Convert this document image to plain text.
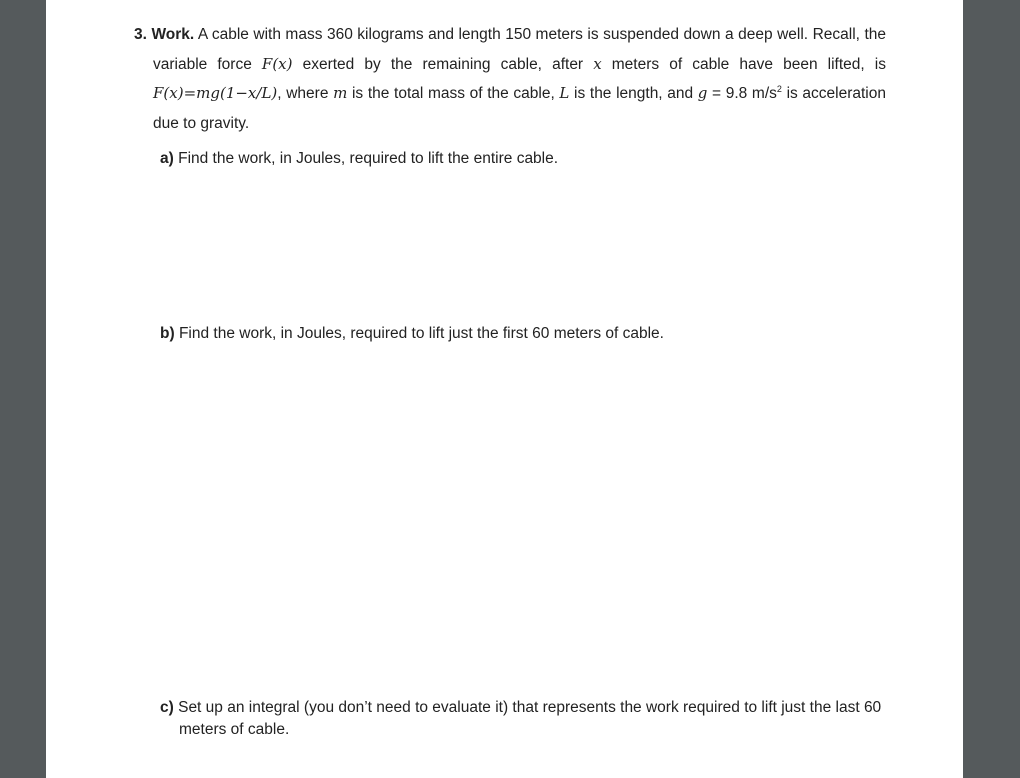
3. Work. A cable with mass 360 kilograms and length 150 meters is suspended down a deep well. Recall, the variable force F(x) exerted by the remaining cable, after x meters of cable have been lifted, is F(x)=mg(1−x/L), where m is the total mass of the cable, L is the length, and g = 9.8 $m/s^2$ is acceleration due to gravity.

a) Find the work, in Joules, required to lift the entire cable.
b) Find the work, in Joules, required to lift just the first 60 meters of cable.

c) Set up an integral (you don’t need to evaluate it) that represents the work required to lift just the last 60 meters of cable.
